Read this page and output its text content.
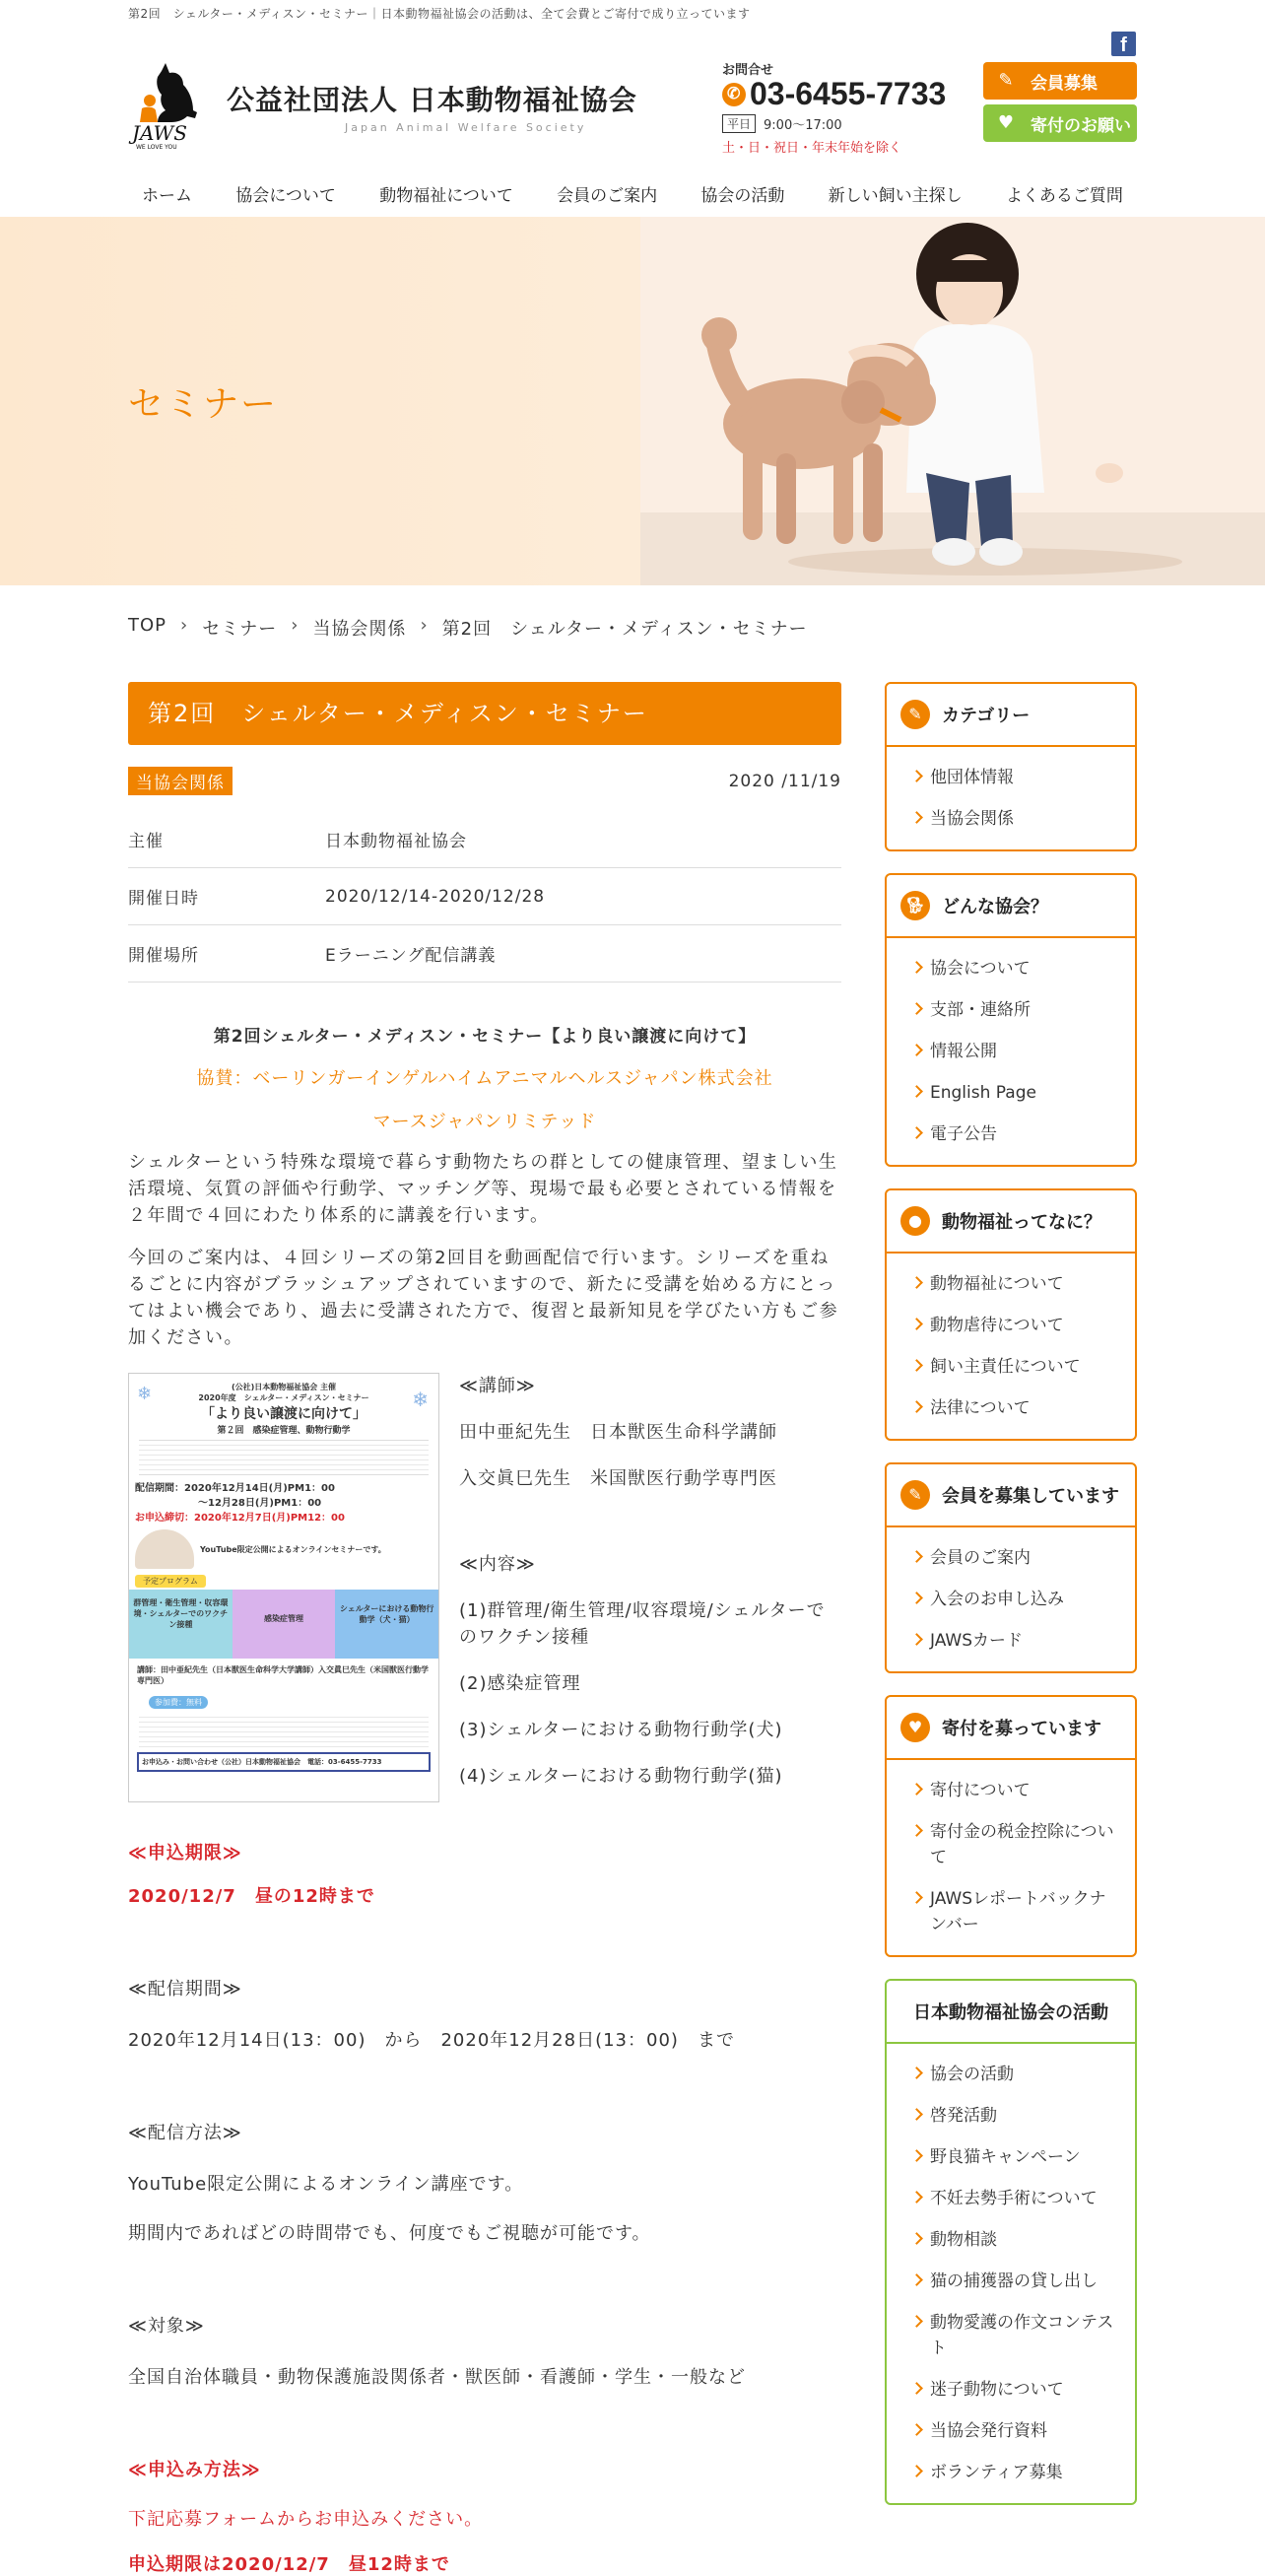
第2回　シェルター・メディスン・セミナー｜日本動物福祉協会の活動は、全て会費とご寄付で成り立っています
f
JAWS
WE LOVE YOU
公益社団法人 日本動物福祉協会
Japan Animal Welfare Society
お問合せ
✆
03-6455-7733
平日	9:00～17:00
土・日・祝日・年末年始を除く
✎ 会員募集
♥ 寄付のお願い
ホーム	協会について	動物福祉について	会員のご案内	協会の活動	新しい飼い主探し	よくあるご質問
セミナー
TOP › セミナー › 当協会関係 › 第2回　シェルター・メディスン・セミナー
第2回　シェルター・メディスン・セミナー
当協会関係	2020 /11/19
主催	日本動物福祉協会
開催日時	2020/12/14-2020/12/28
開催場所	Eラーニング配信講義
第2回シェルター・メディスン・セミナー【より良い譲渡に向けて】
協賛：ベーリンガーインゲルハイムアニマルヘルスジャパン株式会社
マースジャパンリミテッド

シェルターという特殊な環境で暮らす動物たちの群としての健康管理、望ましい生活環境、気質の評価や行動学、マッチング等、現場で最も必要とされている情報を２年間で４回にわたり体系的に講義を行います。

今回のご案内は、４回シリーズの第2回目を動画配信で行います。シリーズを重ねるごとに内容がブラッシュアップされていますので、新たに受講を始める方にとってはよい機会であり、過去に受講された方で、復習と最新知見を学びたい方もご参加ください。

❄	❄
(公社)日本動物福祉協会 主催
2020年度　シェルター・メディスン・セミナー
「より良い譲渡に向けて」
第２回　感染症管理、動物行動学
配信期間：2020年12月14日(月)PM1：00
～12月28日(月)PM1：00
お申込締切：2020年12月7日(月)PM12：00
YouTube限定公開によるオンラインセミナーです。
予定プログラム
群管理・衛生管理・収容環境・シェルターでのワクチン接種
感染症管理
シェルターにおける動物行動学（犬・猫）
講師：田中亜紀先生（日本獣医生命科学大学講師）入交眞巳先生（米国獣医行動学専門医）
参加費：無料
お申込み・お問い合わせ（公社）日本動物福祉協会　電話：03-6455-7733

≪講師≫

田中亜紀先生　日本獣医生命科学講師

入交眞巳先生　米国獣医行動学専門医

≪内容≫

(1)群管理/衛生管理/収容環境/シェルターでのワクチン接種

(2)感染症管理

(3)シェルターにおける動物行動学(犬)

(4)シェルターにおける動物行動学(猫)

≪申込期限≫
2020/12/7　昼の12時まで
≪配信期間≫
2020年12月14日(13：00)　から　2020年12月28日(13：00)　まで
≪配信方法≫
YouTube限定公開によるオンライン講座です。
期間内であればどの時間帯でも、何度でもご視聴が可能です。
≪対象≫
全国自治体職員・動物保護施設関係者・獣医師・看護師・学生・一般など
≪申込み方法≫
下記応募フォームからお申込みください。
申込期限は2020/12/7　昼12時まで
✎	カテゴリー
他団体情報
当協会関係
🐕︎ どんな協会？
協会について
支部・連絡所
情報公開
English Page
電子公告
●	動物福祉ってなに？
動物福祉について
動物虐待について
飼い主責任について
法律について
✎	会員を募集しています
会員のご案内
入会のお申し込み
JAWSカード
♥	寄付を募っています
寄付について
寄付金の税金控除について
JAWSレポートバックナンバー
日本動物福祉協会の活動
協会の活動
啓発活動
野良猫キャンペーン
不妊去勢手術について
動物相談
猫の捕獲器の貸し出し
動物愛護の作文コンテスト
迷子動物について
当協会発行資料
ボランティア募集
